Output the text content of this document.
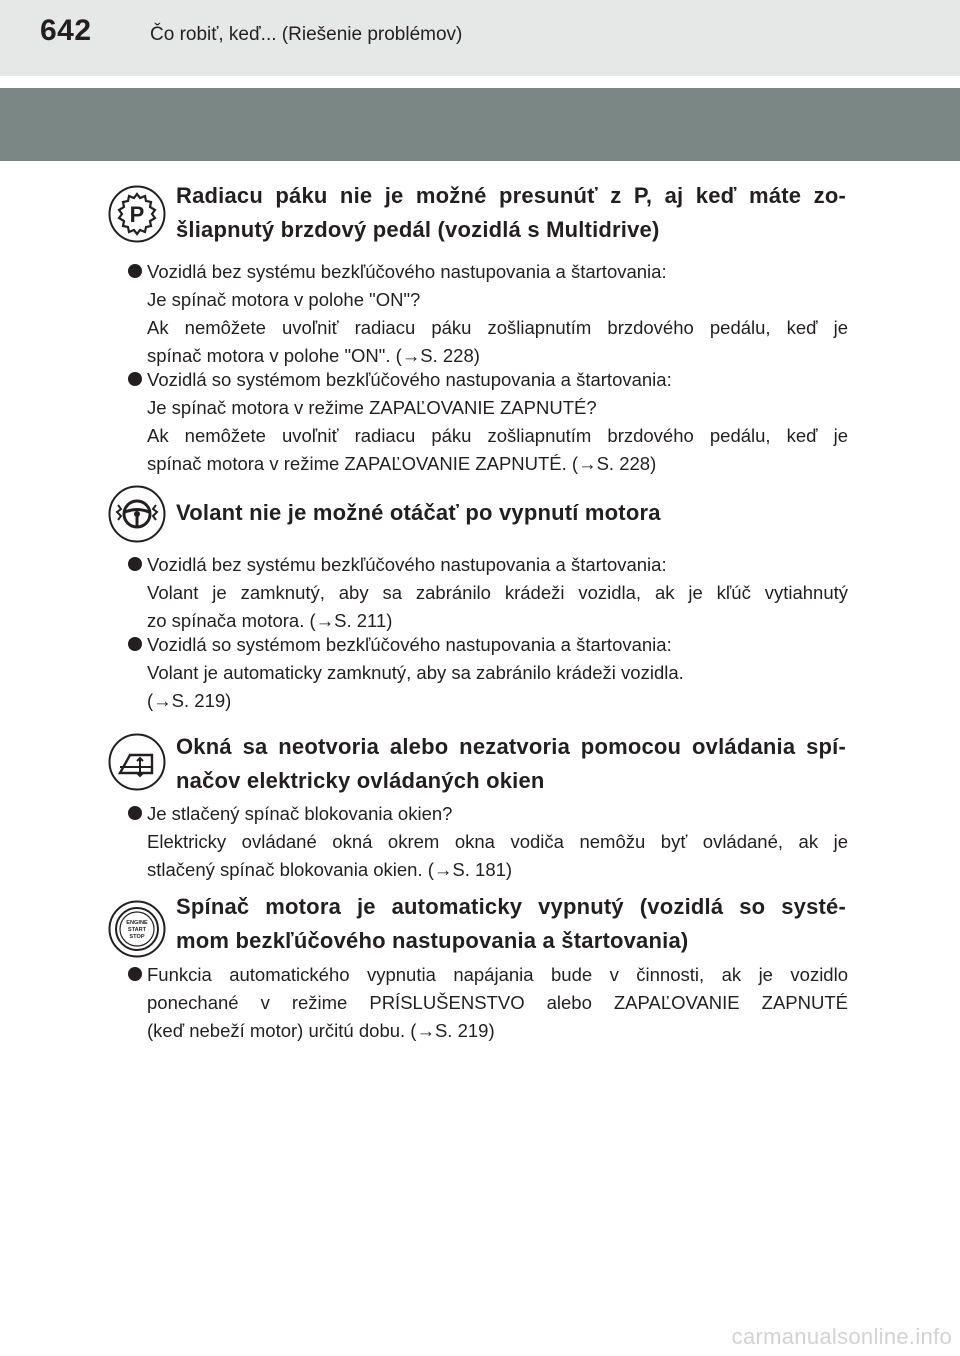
642	Čo robiť, keď... (Riešenie problémov)
P
Radiacu páku nie je možné presunúť z P, aj keď máte zo-
šliapnutý brzdový pedál (vozidlá s Multidrive)
Vozidlá bez systému bezkľúčového nastupovania a štartovania:
Je spínač motora v polohe "ON"?
Ak nemôžete uvoľniť radiacu páku zošliapnutím brzdového pedálu, keď je
spínač motora v polohe "ON". (→S. 228)
Vozidlá so systémom bezkľúčového nastupovania a štartovania:
Je spínač motora v režime ZAPAĽOVANIE ZAPNUTÉ?
Ak nemôžete uvoľniť radiacu páku zošliapnutím brzdového pedálu, keď je
spínač motora v režime ZAPAĽOVANIE ZAPNUTÉ. (→S. 228)
Volant nie je možné otáčať po vypnutí motora
Vozidlá bez systému bezkľúčového nastupovania a štartovania:
Volant je zamknutý, aby sa zabránilo krádeži vozidla, ak je kľúč vytiahnutý
zo spínača motora. (→S. 211)
Vozidlá so systémom bezkľúčového nastupovania a štartovania:
Volant je automaticky zamknutý, aby sa zabránilo krádeži vozidla.
(→S. 219)
Okná sa neotvoria alebo nezatvoria pomocou ovládania spí-
načov elektricky ovládaných okien
Je stlačený spínač blokovania okien?
Elektricky ovládané okná okrem okna vodiča nemôžu byť ovládané, ak je
stlačený spínač blokovania okien. (→S. 181)
ENGINE
START
STOP
Spínač motora je automaticky vypnutý (vozidlá so systé-
mom bezkľúčového nastupovania a štartovania)
Funkcia automatického vypnutia napájania bude v činnosti, ak je vozidlo
ponechané v režime PRÍSLUŠENSTVO alebo ZAPAĽOVANIE ZAPNUTÉ
(keď nebeží motor) určitú dobu. (→S. 219)
carmanualsonline.info
